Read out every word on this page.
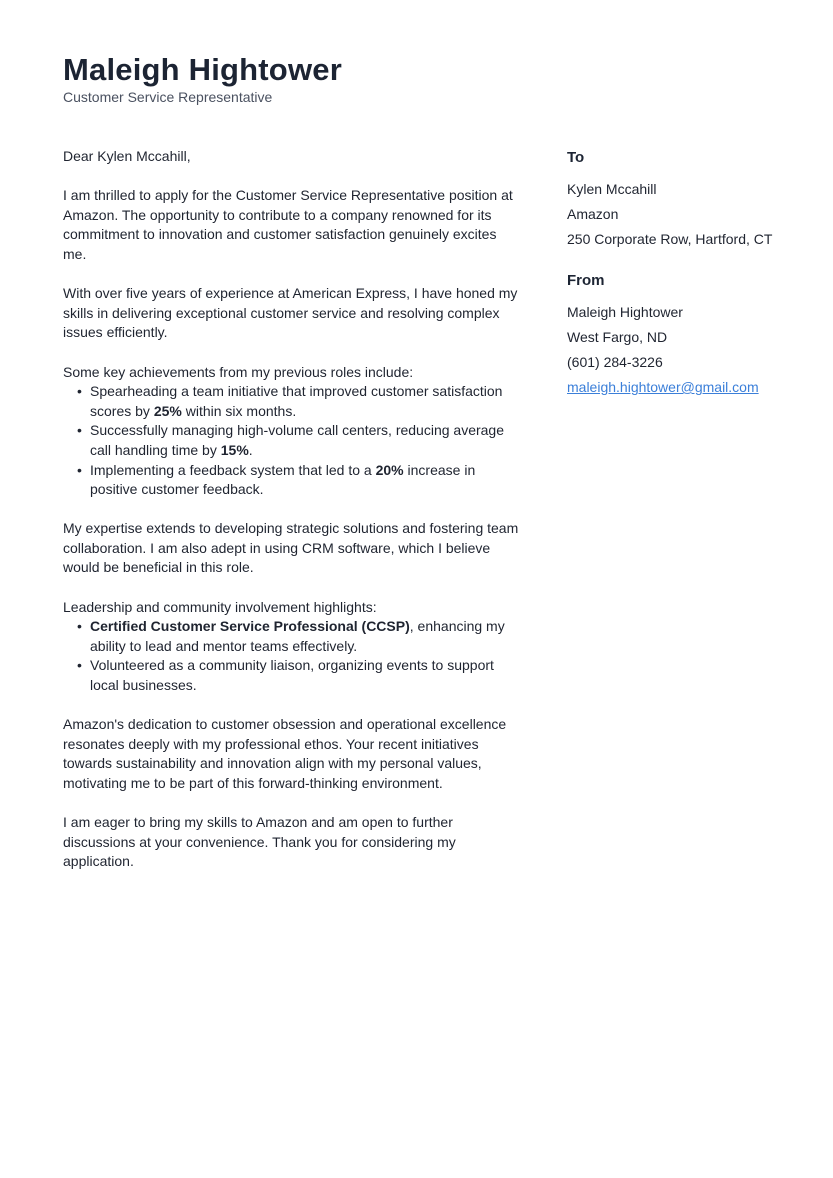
Maleigh Hightower
Customer Service Representative

Dear Kylen Mccahill,

I am thrilled to apply for the Customer Service Representative position at Amazon. The opportunity to contribute to a company renowned for its commitment to innovation and customer satisfaction genuinely excites me.

With over five years of experience at American Express, I have honed my skills in delivering exceptional customer service and resolving complex issues efficiently.

Some key achievements from my previous roles include:

• Spearheading a team initiative that improved customer satisfaction scores by 25% within six months.
• Successfully managing high-volume call centers, reducing average call handling time by 15%.
• Implementing a feedback system that led to a 20% increase in positive customer feedback.

My expertise extends to developing strategic solutions and fostering team collaboration. I am also adept in using CRM software, which I believe would be beneficial in this role.

Leadership and community involvement highlights:

• Certified Customer Service Professional (CCSP), enhancing my ability to lead and mentor teams effectively.
• Volunteered as a community liaison, organizing events to support local businesses.

Amazon's dedication to customer obsession and operational excellence resonates deeply with my professional ethos. Your recent initiatives towards sustainability and innovation align with my personal values, motivating me to be part of this forward-thinking environment.

I am eager to bring my skills to Amazon and am open to further discussions at your convenience. Thank you for considering my application.

To
Kylen Mccahill
Amazon
250 Corporate Row, Hartford, CT
From
Maleigh Hightower
West Fargo, ND
(601) 284-3226
maleigh.hightower@gmail.com
